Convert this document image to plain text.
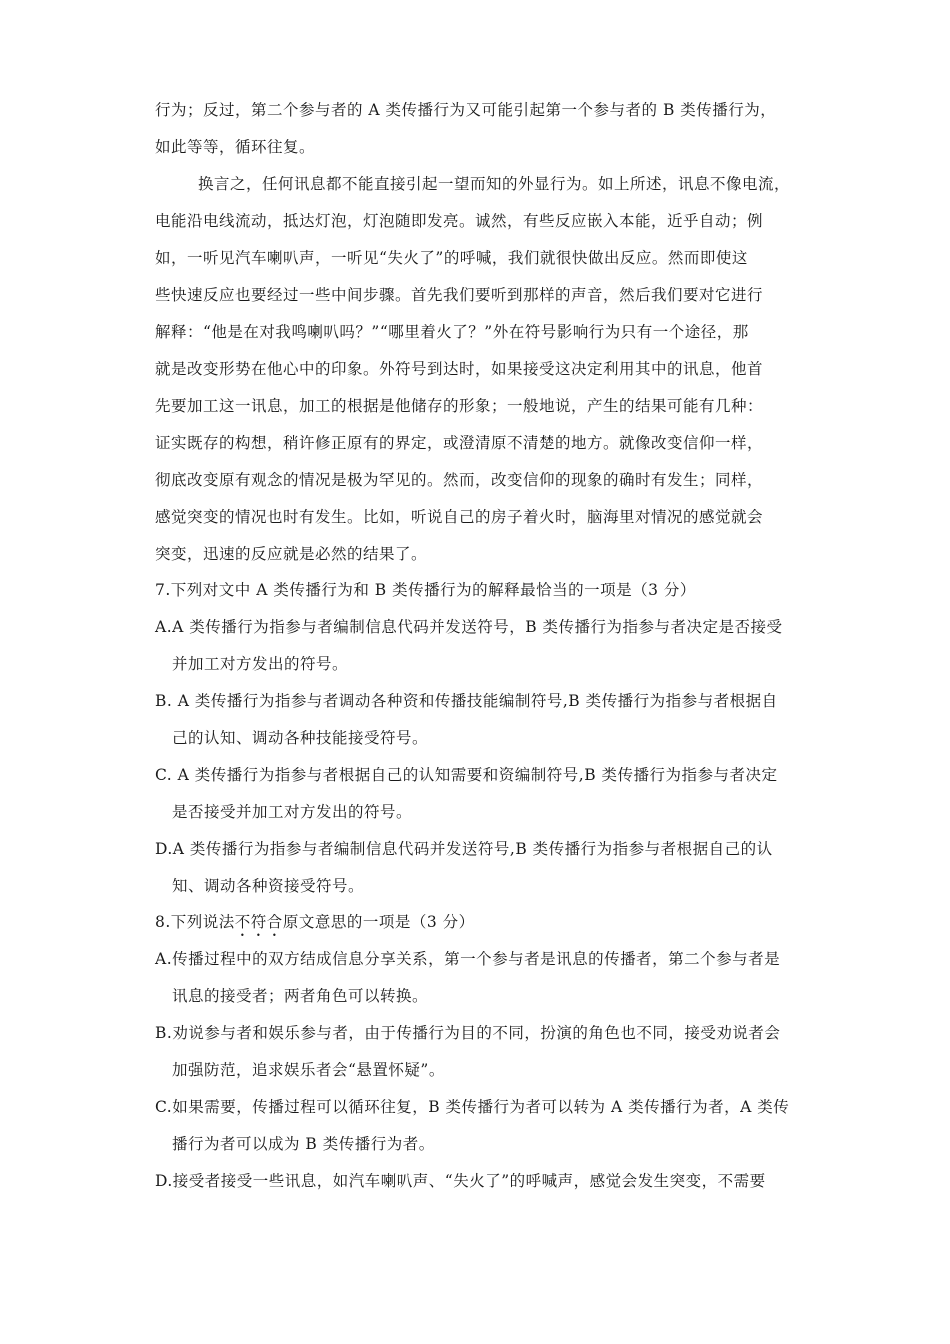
行为；反过，第二个参与者的 A 类传播行为又可能引起第一个参与者的 B 类传播行为，
如此等等，循环往复。
换言之，任何讯息都不能直接引起一望而知的外显行为。如上所述，讯息不像电流，
电能沿电线流动，抵达灯泡，灯泡随即发亮。诚然，有些反应嵌入本能，近乎自动；例
如，一听见汽车喇叭声，一听见“失火了”的呼喊，我们就很快做出反应。然而即使这
些快速反应也要经过一些中间步骤。首先我们要听到那样的声音，然后我们要对它进行
解释：“他是在对我鸣喇叭吗？”“哪里着火了？”外在符号影响行为只有一个途径，那
就是改变形势在他心中的印象。外符号到达时，如果接受这决定利用其中的讯息，他首
先要加工这一讯息，加工的根据是他储存的形象；一般地说，产生的结果可能有几种：
证实既存的构想，稍许修正原有的界定，或澄清原不清楚的地方。就像改变信仰一样，
彻底改变原有观念的情况是极为罕见的。然而，改变信仰的现象的确时有发生；同样，
感觉突变的情况也时有发生。比如，听说自己的房子着火时，脑海里对情况的感觉就会
突变，迅速的反应就是必然的结果了。
7.下列对文中 A 类传播行为和 B 类传播行为的解释最恰当的一项是（3 分）
A.A 类传播行为指参与者编制信息代码并发送符号，B 类传播行为指参与者决定是否接受
并加工对方发出的符号。
B. A 类传播行为指参与者调动各种资和传播技能编制符号,B 类传播行为指参与者根据自
己的认知、调动各种技能接受符号。
C. A 类传播行为指参与者根据自己的认知需要和资编制符号,B 类传播行为指参与者决定
是否接受并加工对方发出的符号。
D.A 类传播行为指参与者编制信息代码并发送符号,B 类传播行为指参与者根据自己的认
知、调动各种资接受符号。
8.下列说法不符合原文意思的一项是（3 分）
A.传播过程中的双方结成信息分享关系，第一个参与者是讯息的传播者，第二个参与者是
讯息的接受者；两者角色可以转换。
B.劝说参与者和娱乐参与者，由于传播行为目的不同，扮演的角色也不同，接受劝说者会
加强防范，追求娱乐者会“悬置怀疑”。
C.如果需要，传播过程可以循环往复，B 类传播行为者可以转为 A 类传播行为者，A 类传
播行为者可以成为 B 类传播行为者。
D.接受者接受一些讯息，如汽车喇叭声、“失火了”的呼喊声，感觉会发生突变，不需要
